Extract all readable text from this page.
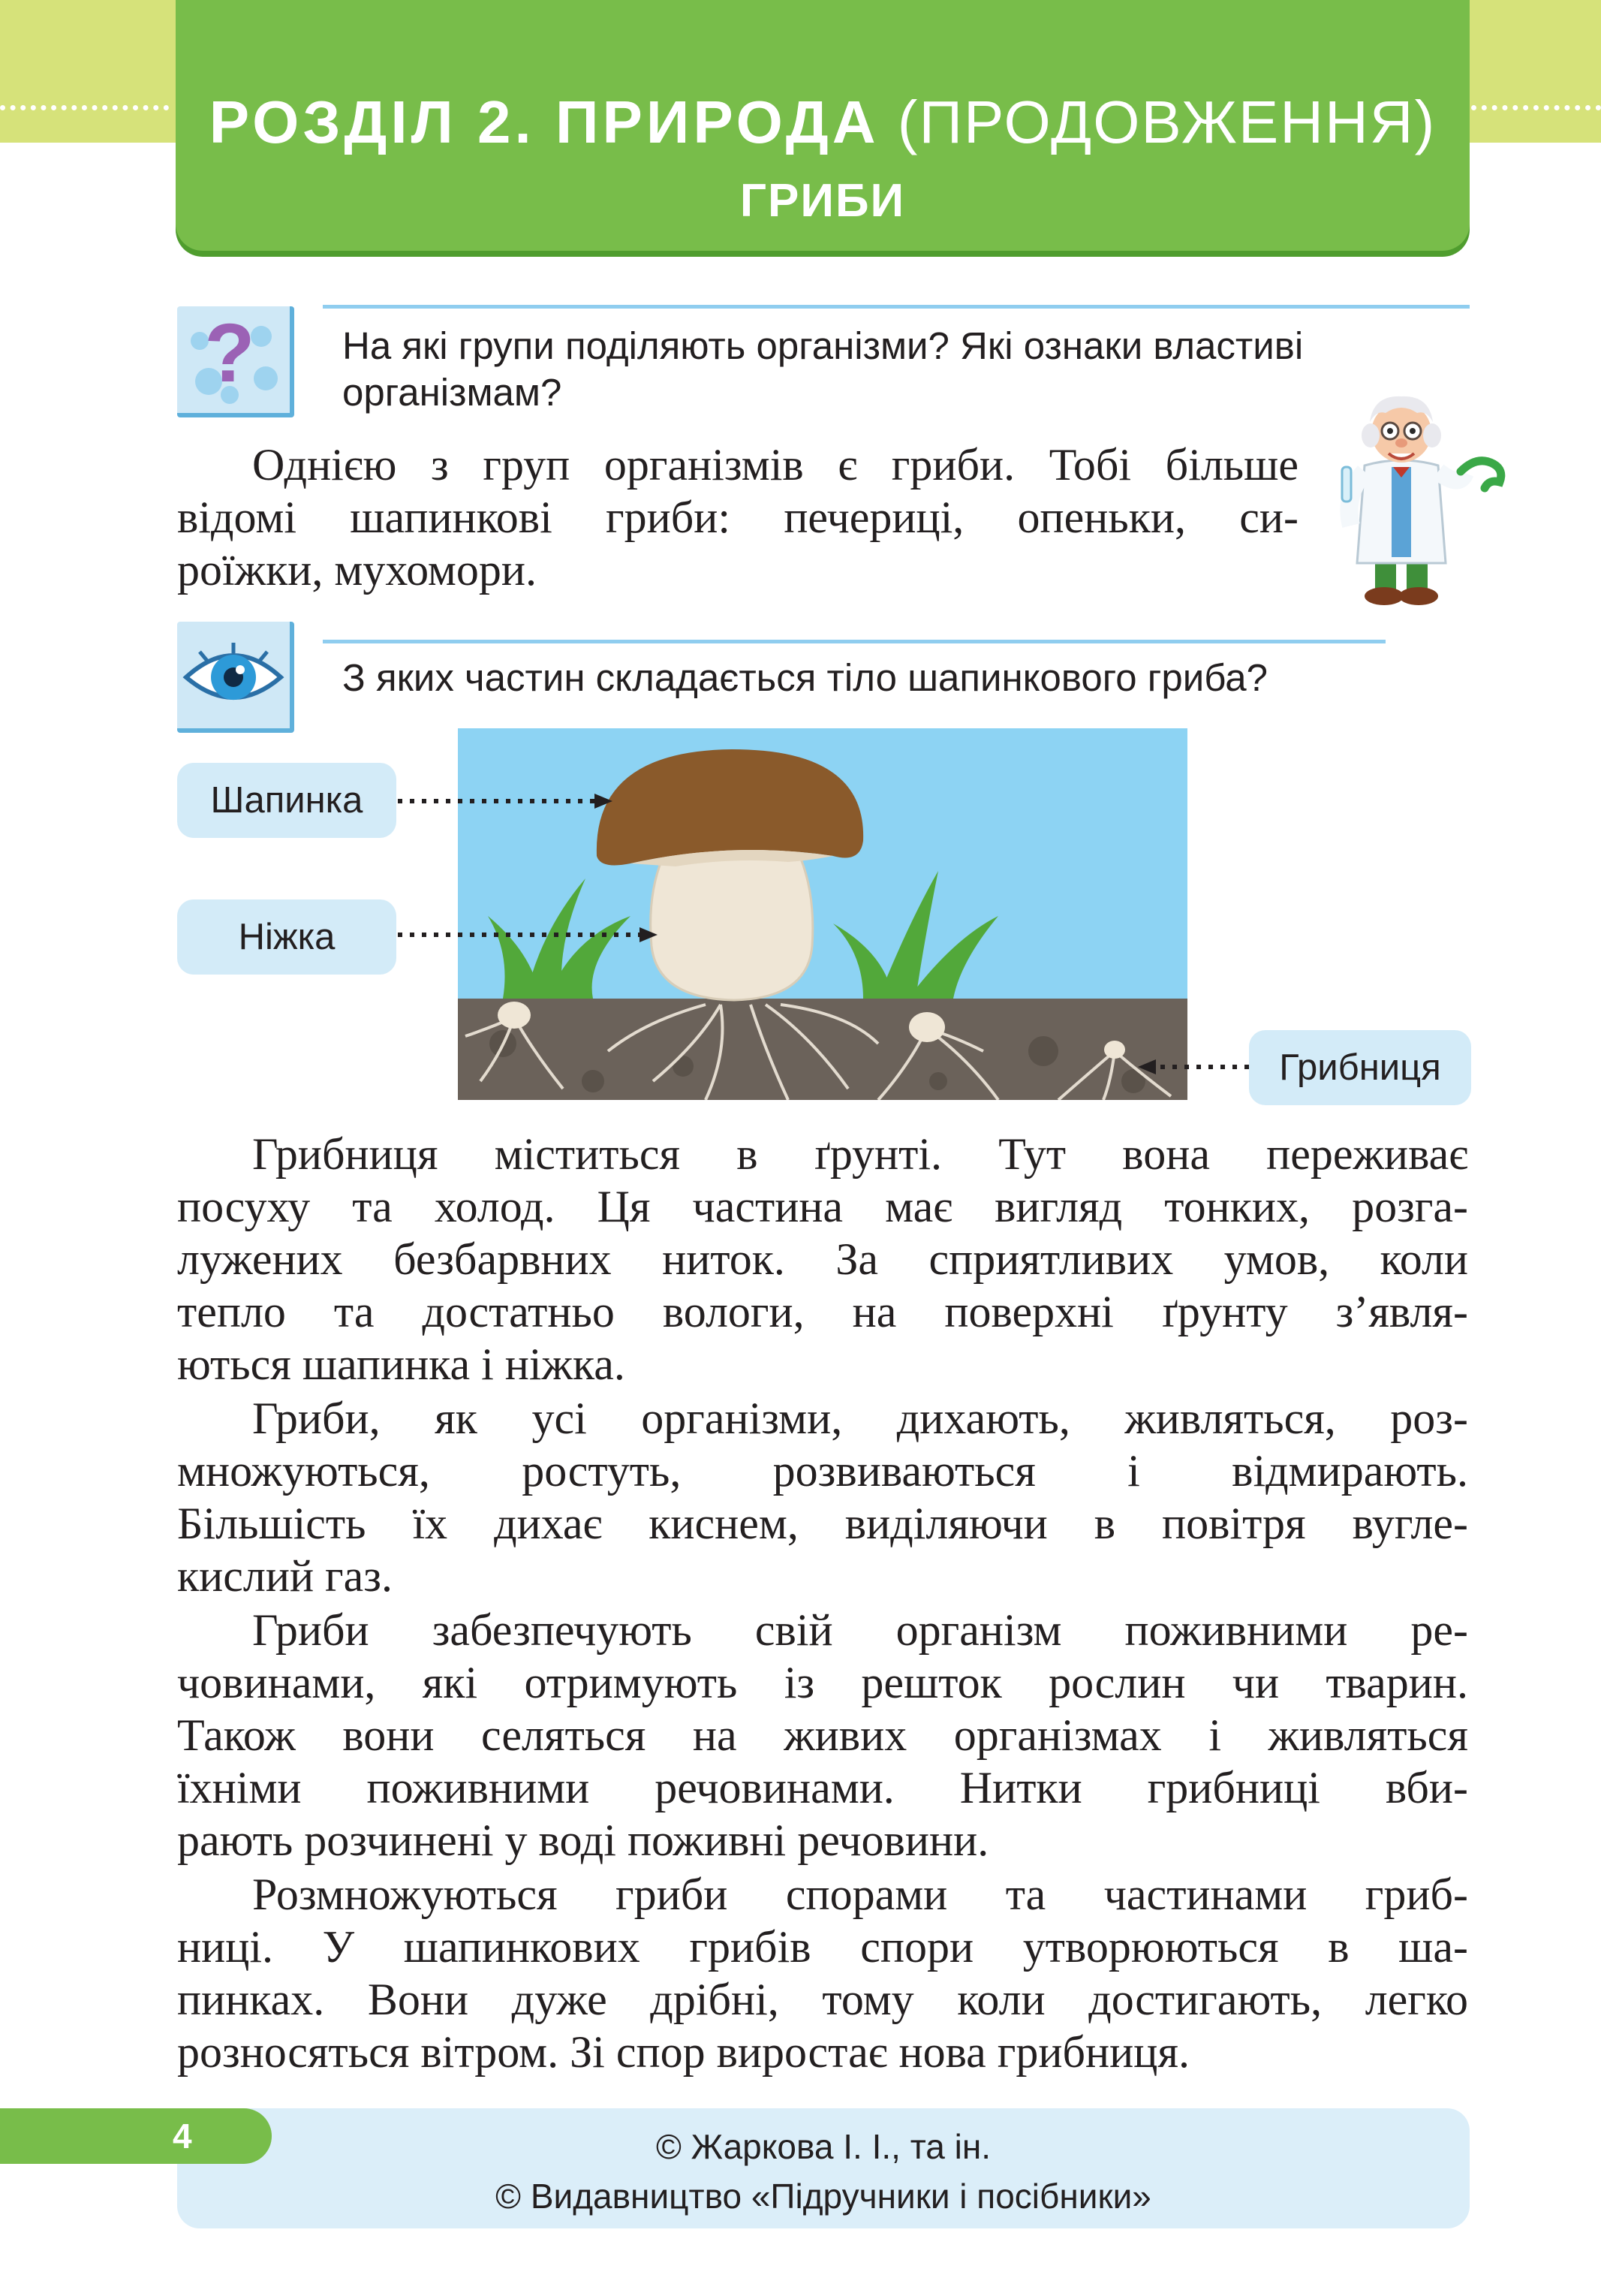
РОЗДІЛ 2. ПРИРОДА (ПРОДОВЖЕННЯ)
ГРИБИ
? На які групи поділяють організми? Які ознаки властиві
організмам?
Однією з груп організмів є гриби. Тобі більше
відомі шапинкові гриби: печериці, опеньки, си-
роїжки, мухомори.
З яких частин складається тіло шапинкового гриба?
Шапинка
Ніжка
Грибниця
Грибниця міститься в ґрунті. Тут вона переживає
посуху та холод. Ця частина має вигляд тонких, розга-
лужених безбарвних ниток. За сприятливих умов, коли
тепло та достатньо вологи, на поверхні ґрунту з’явля-
ються шапинка і ніжка.
Гриби, як усі організми, дихають, живляться, роз-
множуються, ростуть, розвиваються і відмирають.
Більшість їх дихає киснем, виділяючи в повітря вугле-
кислий газ.
Гриби забезпечують свій організм поживними ре-
човинами, які отримують із решток рослин чи тварин.
Також вони селяться на живих організмах і живляться
їхніми поживними речовинами. Нитки грибниці вби-
рають розчинені у воді поживні речовини.
Розмножуються гриби спорами та частинами гриб-
ниці. У шапинкових грибів спори утворюються в ша-
пинках. Вони дуже дрібні, тому коли достигають, легко
розносяться вітром. Зі спор виростає нова грибниця.
4	© Жаркова І. І., та ін.
© Видавництво «Підручники і посібники»
